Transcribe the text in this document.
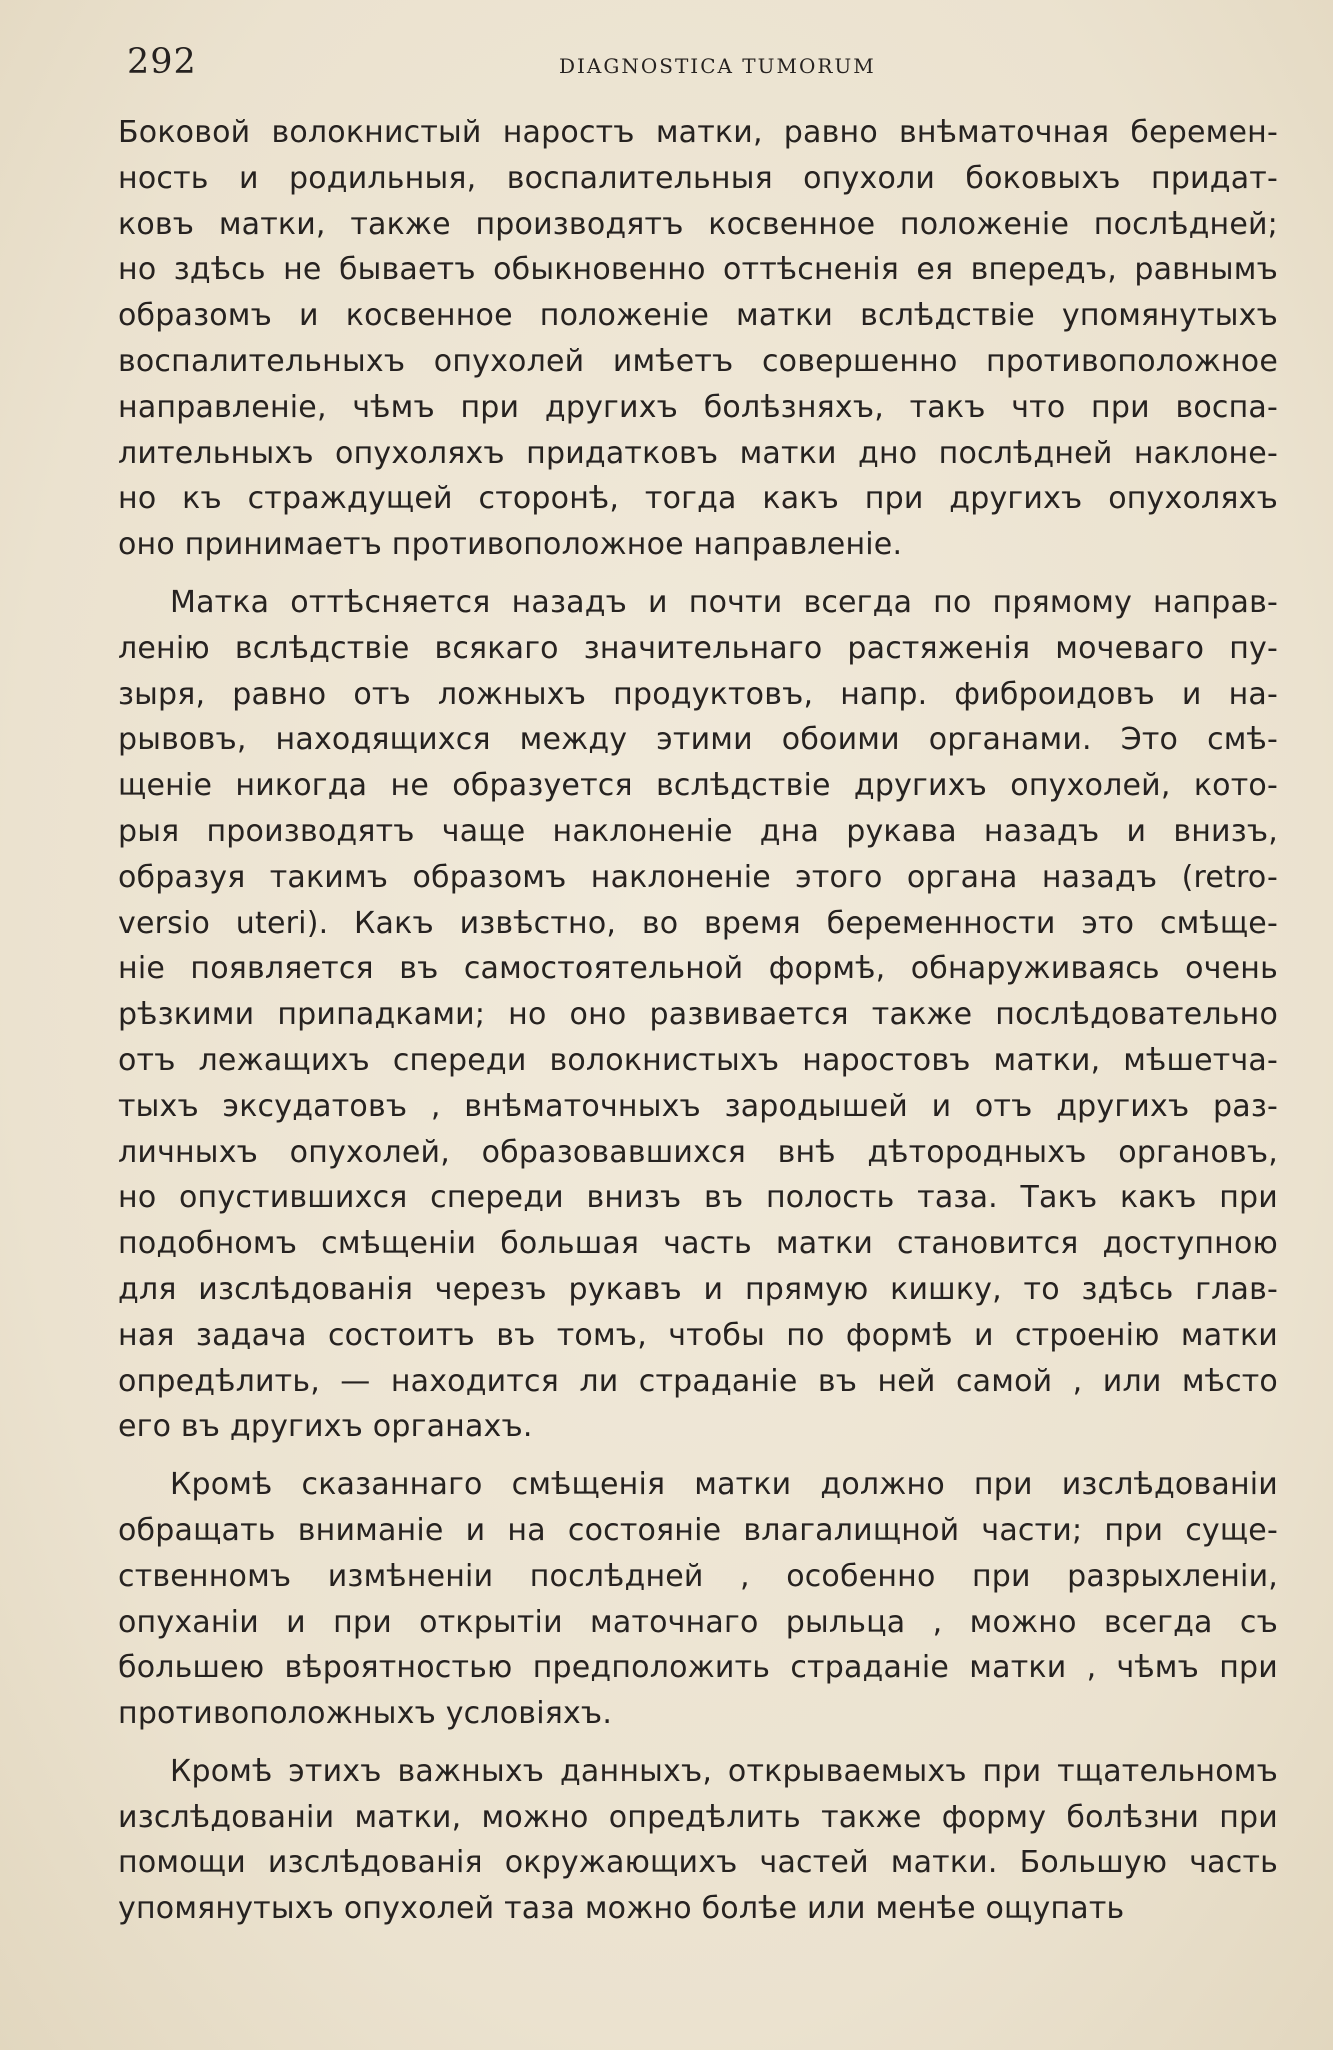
292	DIAGNOSTICA TUMORUM
Боковой волокнистый наростъ матки, равно внѣматочная беремен-
ность и родильныя, воспалительныя опухоли боковыхъ придат-
ковъ матки, также производятъ косвенное положенie послѣдней;
но здѣсь не бываетъ обыкновенно оттѣсненiя ея впередъ, равнымъ
образомъ и косвенное положенie матки вслѣдствie упомянутыхъ
воспалительныхъ опухолей имѣетъ совершенно противоположное
направленie, чѣмъ при другихъ болѣзняхъ, такъ что при воспа-
лительныхъ опухоляхъ придатковъ матки дно послѣдней наклоне-
но къ страждущей сторонѣ, тогда какъ при другихъ опухоляхъ
оно принимаетъ противоположное направленie.
Матка оттѣсняется назадъ и почти всегда по прямому направ-
ленiю вслѣдствie всякаго значительнаго растяженiя мочеваго пу-
зыря, равно отъ ложныхъ продуктовъ, напр. фиброидовъ и на-
рывовъ, находящихся между этими обоими органами. Это смѣ-
щенie никогда не образуется вслѣдствie другихъ опухолей, кото-
рыя производятъ чаще наклоненie дна рукава назадъ и внизъ,
образуя такимъ образомъ наклоненie этого органа назадъ (retro-
versio uteri). Какъ извѣстно, во время беременности это смѣще-
нie появляется въ самостоятельной формѣ, обнаруживаясь очень
рѣзкими припадками; но оно развивается также послѣдовательно
отъ лежащихъ спереди волокнистыхъ наростовъ матки, мѣшетча-
тыхъ эксудатовъ , внѣматочныхъ зародышей и отъ другихъ раз-
личныхъ опухолей, образовавшихся внѣ дѣтородныхъ органовъ,
но опустившихся спереди внизъ въ полость таза. Такъ какъ при
подобномъ смѣщенiи большая часть матки становится доступною
для изслѣдованiя черезъ рукавъ и прямую кишку, то здѣсь глав-
ная задача состоитъ въ томъ, чтобы по формѣ и строенiю матки
опредѣлить, — находится ли страданie въ ней самой , или мѣсто
его въ другихъ органахъ.
Кромѣ сказаннаго смѣщенiя матки должно при изслѣдованiи
обращать вниманie и на состоянie влагалищной части; при суще-
ственномъ измѣненiи послѣдней , особенно при разрыхленiи,
опуханiи и при открытiи маточнаго рыльца , можно всегда съ
большею вѣроятностью предположить страданie матки , чѣмъ при
противоположныхъ условiяхъ.
Кромѣ этихъ важныхъ данныхъ, открываемыхъ при тщательномъ
изслѣдованiи матки, можно опредѣлить также форму болѣзни при
помощи изслѣдованiя окружающихъ частей матки. Большую часть
упомянутыхъ опухолей таза можно болѣе или менѣе ощупать
